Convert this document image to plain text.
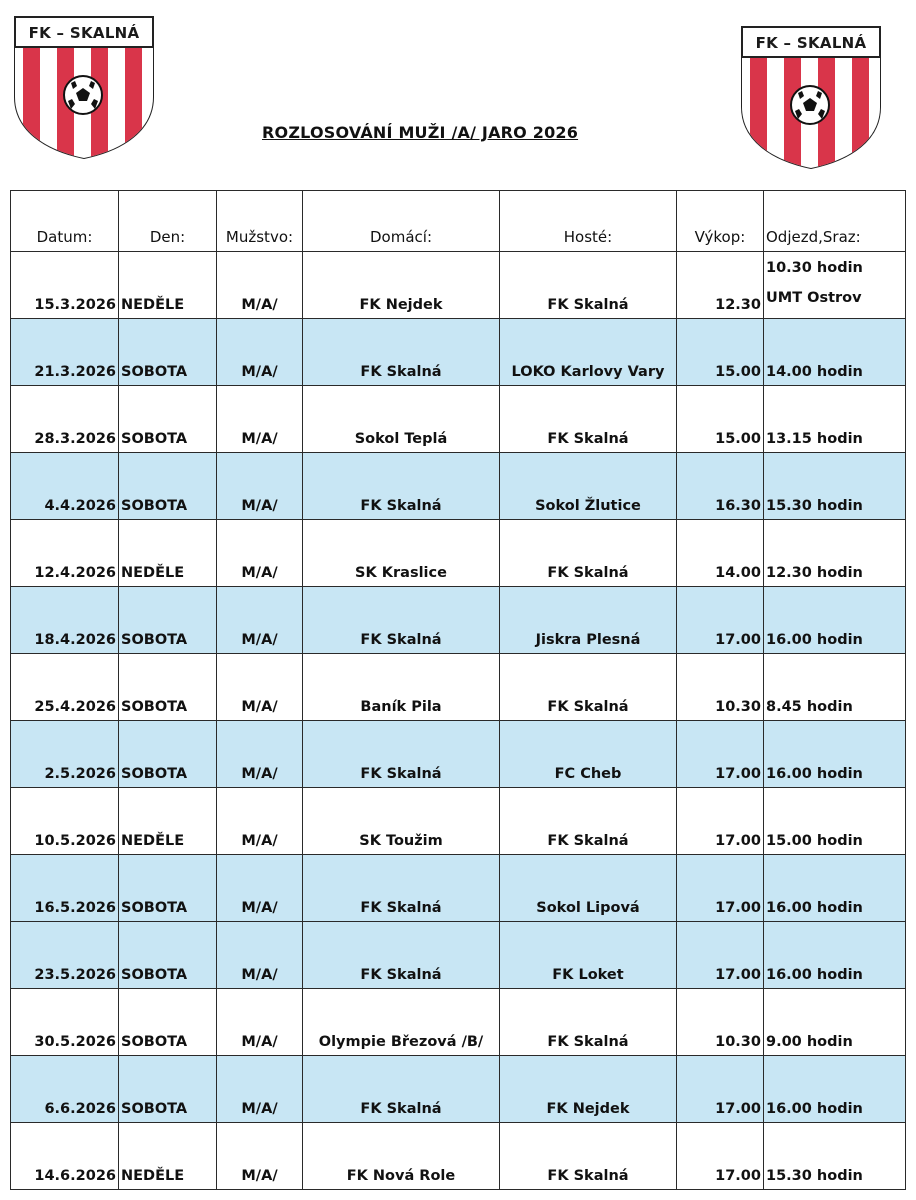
FK – SKALNÁ
FK – SKALNÁ
ROZLOSOVÁNÍ MUŽI /A/ JARO 2026
Datum:	Den:	Mužstvo:	Domácí:	Hosté:	Výkop:	Odjezd,Sraz:
15.3.2026	NEDĚLE	M/A/	FK Nejdek	FK Skalná	12.30	10.30 hodin
UMT Ostrov

21.3.2026	SOBOTA	M/A/	FK Skalná	LOKO Karlovy Vary	15.00	14.00 hodin
28.3.2026	SOBOTA	M/A/	Sokol Teplá	FK Skalná	15.00	13.15 hodin
4.4.2026	SOBOTA	M/A/	FK Skalná	Sokol Žlutice	16.30	15.30 hodin
12.4.2026	NEDĚLE	M/A/	SK Kraslice	FK Skalná	14.00	12.30 hodin
18.4.2026	SOBOTA	M/A/	FK Skalná	Jiskra Plesná	17.00	16.00 hodin
25.4.2026	SOBOTA	M/A/	Baník Pila	FK Skalná	10.30	8.45 hodin
2.5.2026	SOBOTA	M/A/	FK Skalná	FC Cheb	17.00	16.00 hodin
10.5.2026	NEDĚLE	M/A/	SK Toužim	FK Skalná	17.00	15.00 hodin
16.5.2026	SOBOTA	M/A/	FK Skalná	Sokol Lipová	17.00	16.00 hodin
23.5.2026	SOBOTA	M/A/	FK Skalná	FK Loket	17.00	16.00 hodin
30.5.2026	SOBOTA	M/A/	Olympie Březová /B/	FK Skalná	10.30	9.00 hodin
6.6.2026	SOBOTA	M/A/	FK Skalná	FK Nejdek	17.00	16.00 hodin
14.6.2026	NEDĚLE	M/A/	FK Nová Role	FK Skalná	17.00	15.30 hodin
